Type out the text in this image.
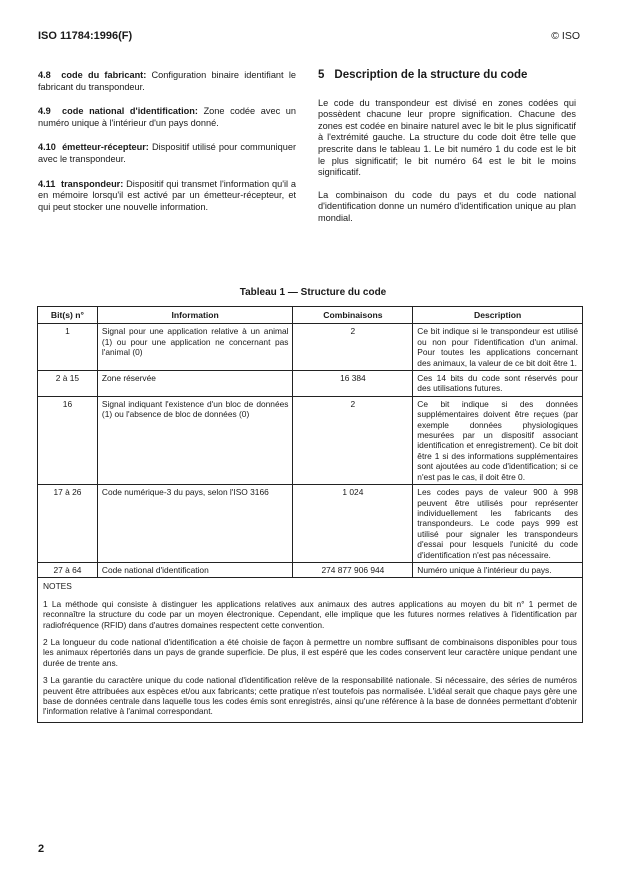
ISO 11784:1996(F)	© ISO

4.8 code du fabricant: Configuration binaire identifiant le fabricant du transpondeur.

4.9 code national d'identification: Zone codée avec un numéro unique à l'intérieur d'un pays donné.

4.10 émetteur-récepteur: Dispositif utilisé pour communiquer avec le transpondeur.

4.11 transpondeur: Dispositif qui transmet l'information qu'il a en mémoire lorsqu'il est activé par un émetteur-récepteur, et qui peut stocker une nouvelle information.

5 Description de la structure du code

Le code du transpondeur est divisé en zones codées qui possèdent chacune leur propre signification. Chacune des zones est codée en binaire naturel avec le bit le plus significatif à l'extrémité gauche. La structure du code doit être telle que prescrite dans le tableau 1. Le bit numéro 1 du code est le bit le plus significatif; le bit numéro 64 est le bit le moins significatif.

La combinaison du code du pays et du code national d'identification donne un numéro d'identification unique au plan mondial.

Tableau 1 — Structure du code
Bit(s) n°	Information	Combinaisons	Description
1	Signal pour une application relative à un animal (1) ou pour une application ne concernant pas l'animal (0)	2	Ce bit indique si le transpondeur est utilisé ou non pour l'identification d'un animal. Pour toutes les applications concernant des animaux, la valeur de ce bit doit être 1.
2 à 15	Zone réservée	16 384	Ces 14 bits du code sont réservés pour des utilisations futures.
16	Signal indiquant l'existence d'un bloc de données (1) ou l'absence de bloc de données (0)	2	Ce bit indique si des données supplémentaires doivent être reçues (par exemple données physiologiques mesurées par un dispositif associant identification et enregistrement). Ce bit doit être 1 si des informations supplémentaires sont ajoutées au code d'identification; si ce n'est pas le cas, il doit être 0.
17 à 26	Code numérique-3 du pays, selon l'ISO 3166	1 024	Les codes pays de valeur 900 à 998 peuvent être utilisés pour représenter individuellement les fabricants des transpondeurs. Le code pays 999 est utilisé pour signaler les transpondeurs d'essai pour lesquels l'unicité du code d'identification n'est pas nécessaire.
27 à 64	Code national d'identification	274 877 906 944	Numéro unique à l'intérieur du pays.

NOTES

1 La méthode qui consiste à distinguer les applications relatives aux animaux des autres applications au moyen du bit n° 1 permet de reconnaître la structure du code par un moyen électronique. Cependant, elle implique que les futures normes relatives à l'identification par radiofréquence (RFID) dans d'autres domaines respectent cette convention.

2 La longueur du code national d'identification a été choisie de façon à permettre un nombre suffisant de combinaisons disponibles pour tous les animaux répertoriés dans un pays de grande superficie. De plus, il est espéré que les codes conservent leur caractère unique pendant une durée de trente ans.

3 La garantie du caractère unique du code national d'identification relève de la responsabilité nationale. Si nécessaire, des séries de numéros peuvent être attribuées aux espèces et/ou aux fabricants; cette pratique n'est toutefois pas normalisée. L'idéal serait que chaque pays gère une base de données centrale dans laquelle tous les codes émis sont enregistrés, ainsi qu'une référence à la base de données permettant d'obtenir l'information relative à l'animal correspondant.			

2
